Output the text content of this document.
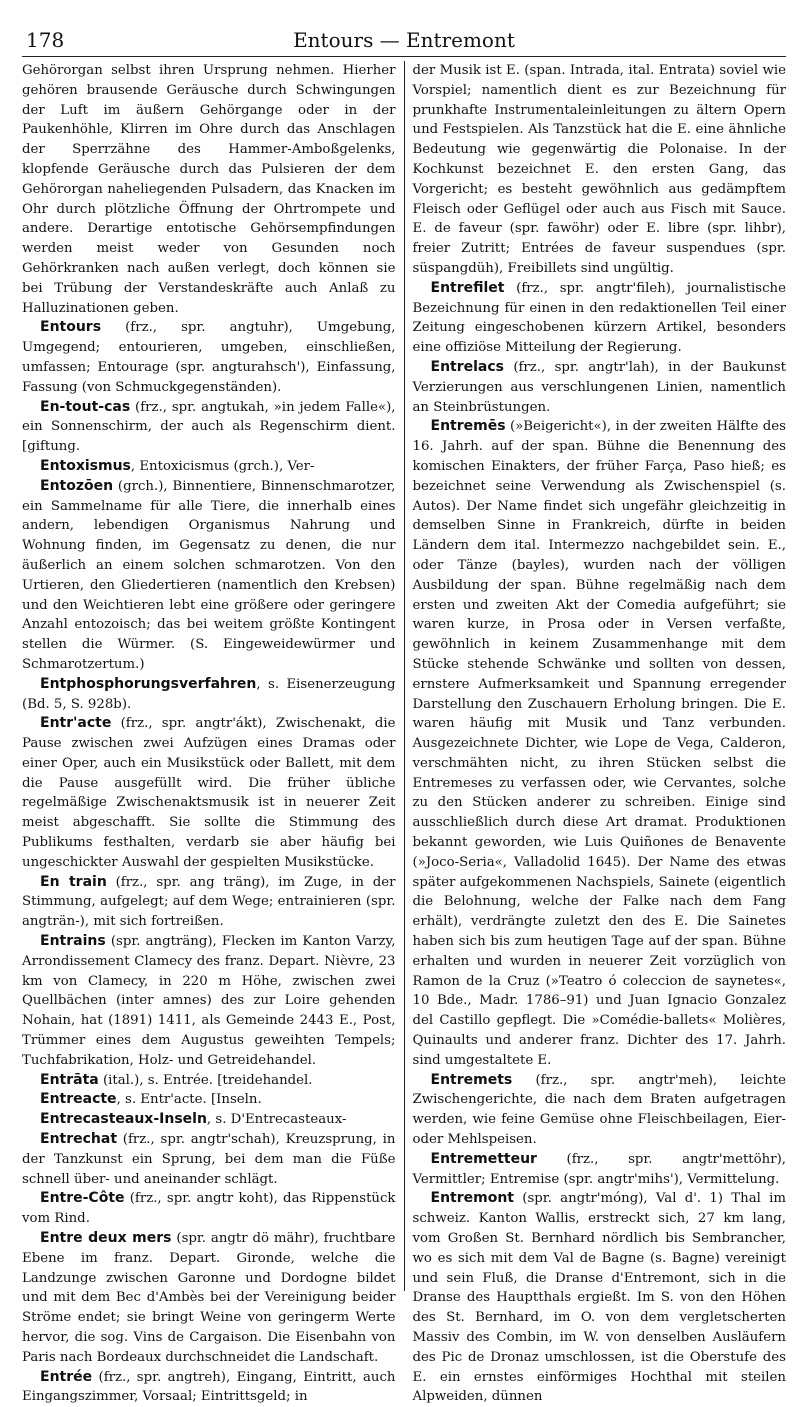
178	Entours — Entremont

Gehörorgan selbst ihren Ursprung nehmen. Hierher gehören brausende Geräusche durch Schwingungen der Luft im äußern Gehörgange oder in der Paukenhöhle, Klirren im Ohre durch das Anschlagen der Sperrzähne des Hammer-Amboßgelenks, klopfende Geräusche durch das Pulsieren der dem Gehörorgan naheliegenden Pulsadern, das Knacken im Ohr durch plötzliche Öffnung der Ohrtrompete und andere. Derartige entotische Gehörsempfindungen werden meist weder von Gesunden noch Gehörkranken nach außen verlegt, doch können sie bei Trübung der Verstandeskräfte auch Anlaß zu Halluzinationen geben.

Entours (frz., spr. angtuhr), Umgebung, Umgegend; entourieren, umgeben, einschließen, umfassen; Entourage (spr. angturahsch'), Einfassung, Fassung (von Schmuckgegenständen).

En-tout-cas (frz., spr. angtukah, »in jedem Falle«), ein Sonnenschirm, der auch als Regenschirm dient. [giftung.

Entoxismus, Entoxicismus (grch.), Ver-

Entozōen (grch.), Binnentiere, Binnenschmarotzer, ein Sammelname für alle Tiere, die innerhalb eines andern, lebendigen Organismus Nahrung und Wohnung finden, im Gegensatz zu denen, die nur äußerlich an einem solchen schmarotzen. Von den Urtieren, den Gliedertieren (namentlich den Krebsen) und den Weichtieren lebt eine größere oder geringere Anzahl entozoisch; das bei weitem größte Kontingent stellen die Würmer. (S. Eingeweidewürmer und Schmarotzertum.)

Entphosphorungsverfahren, s. Eisenerzeugung (Bd. 5, S. 928b).

Entr'acte (frz., spr. angtr'ákt), Zwischenakt, die Pause zwischen zwei Aufzügen eines Dramas oder einer Oper, auch ein Musikstück oder Ballett, mit dem die Pause ausgefüllt wird. Die früher übliche regelmäßige Zwischenaktsmusik ist in neuerer Zeit meist abgeschafft. Sie sollte die Stimmung des Publikums festhalten, verdarb sie aber häufig bei ungeschickter Auswahl der gespielten Musikstücke.

En train (frz., spr. ang träng), im Zuge, in der Stimmung, aufgelegt; auf dem Wege; entrainieren (spr. angträn-), mit sich fortreißen.

Entrains (spr. angträng), Flecken im Kanton Varzy, Arrondissement Clamecy des franz. Depart. Nièvre, 23 km von Clamecy, in 220 m Höhe, zwischen zwei Quellbächen (inter amnes) des zur Loire gehenden Nohain, hat (1891) 1411, als Gemeinde 2443 E., Post, Trümmer eines dem Augustus geweihten Tempels; Tuchfabrikation, Holz- und Getreidehandel.

Entrāta (ital.), s. Entrée. [treidehandel.

Entreacte, s. Entr'acte. [Inseln.

Entrecasteaux-Inseln, s. D'Entrecasteaux-

Entrechat (frz., spr. angtr'schah), Kreuzsprung, in der Tanzkunst ein Sprung, bei dem man die Füße schnell über- und aneinander schlägt.

Entre-Côte (frz., spr. angtr koht), das Rippenstück vom Rind.

Entre deux mers (spr. angtr dö mähr), fruchtbare Ebene im franz. Depart. Gironde, welche die Landzunge zwischen Garonne und Dordogne bildet und mit dem Bec d'Ambès bei der Vereinigung beider Ströme endet; sie bringt Weine von geringerm Werte hervor, die sog. Vins de Cargaison. Die Eisenbahn von Paris nach Bordeaux durchschneidet die Landschaft.

Entrée (frz., spr. angtreh), Eingang, Eintritt, auch Eingangszimmer, Vorsaal; Eintrittsgeld; in

der Musik ist E. (span. Intrada, ital. Entrata) soviel wie Vorspiel; namentlich dient es zur Bezeichnung für prunkhafte Instrumentaleinleitungen zu ältern Opern und Festspielen. Als Tanzstück hat die E. eine ähnliche Bedeutung wie gegenwärtig die Polonaise. In der Kochkunst bezeichnet E. den ersten Gang, das Vorgericht; es besteht gewöhnlich aus gedämpftem Fleisch oder Geflügel oder auch aus Fisch mit Sauce. E. de faveur (spr. fawöhr) oder E. libre (spr. lihbr), freier Zutritt; Entrées de faveur suspendues (spr. süspangdüh), Freibillets sind ungültig.

Entrefilet (frz., spr. angtr'fileh), journalistische Bezeichnung für einen in den redaktionellen Teil einer Zeitung eingeschobenen kürzern Artikel, besonders eine offiziöse Mitteilung der Regierung.

Entrelacs (frz., spr. angtr'lah), in der Baukunst Verzierungen aus verschlungenen Linien, namentlich an Steinbrüstungen.

Entremēs (»Beigericht«), in der zweiten Hälfte des 16. Jahrh. auf der span. Bühne die Benennung des komischen Einakters, der früher Farça, Paso hieß; es bezeichnet seine Verwendung als Zwischenspiel (s. Autos). Der Name findet sich ungefähr gleichzeitig in demselben Sinne in Frankreich, dürfte in beiden Ländern dem ital. Intermezzo nachgebildet sein. E., oder Tänze (bayles), wurden nach der völligen Ausbildung der span. Bühne regelmäßig nach dem ersten und zweiten Akt der Comedia aufgeführt; sie waren kurze, in Prosa oder in Versen verfaßte, gewöhnlich in keinem Zusammenhange mit dem Stücke stehende Schwänke und sollten von dessen, ernstere Aufmerksamkeit und Spannung erregender Darstellung den Zuschauern Erholung bringen. Die E. waren häufig mit Musik und Tanz verbunden. Ausgezeichnete Dichter, wie Lope de Vega, Calderon, verschmähten nicht, zu ihren Stücken selbst die Entremeses zu verfassen oder, wie Cervantes, solche zu den Stücken anderer zu schreiben. Einige sind ausschließlich durch diese Art dramat. Produktionen bekannt geworden, wie Luis Quiñones de Benavente (»Joco-Seria«, Valladolid 1645). Der Name des etwas später aufgekommenen Nachspiels, Sainete (eigentlich die Belohnung, welche der Falke nach dem Fang erhält), verdrängte zuletzt den des E. Die Sainetes haben sich bis zum heutigen Tage auf der span. Bühne erhalten und wurden in neuerer Zeit vorzüglich von Ramon de la Cruz (»Teatro ó coleccion de saynetes«, 10 Bde., Madr. 1786–91) und Juan Ignacio Gonzalez del Castillo gepflegt. Die »Comédie-ballets« Molières, Quinaults und anderer franz. Dichter des 17. Jahrh. sind umgestaltete E.

Entremets (frz., spr. angtr'meh), leichte Zwischengerichte, die nach dem Braten aufgetragen werden, wie feine Gemüse ohne Fleischbeilagen, Eier- oder Mehlspeisen.

Entremetteur (frz., spr. angtr'mettöhr), Vermittler; Entremise (spr. angtr'mihs'), Vermittelung.

Entremont (spr. angtr'móng), Val d'. 1) Thal im schweiz. Kanton Wallis, erstreckt sich, 27 km lang, vom Großen St. Bernhard nördlich bis Sembrancher, wo es sich mit dem Val de Bagne (s. Bagne) vereinigt und sein Fluß, die Dranse d'Entremont, sich in die Dranse des Hauptthals ergießt. Im S. von den Höhen des St. Bernhard, im O. von dem vergletscherten Massiv des Combin, im W. von denselben Ausläufern des Pic de Dronaz umschlossen, ist die Oberstufe des E. ein ernstes einförmiges Hochthal mit steilen Alpweiden, dünnen
